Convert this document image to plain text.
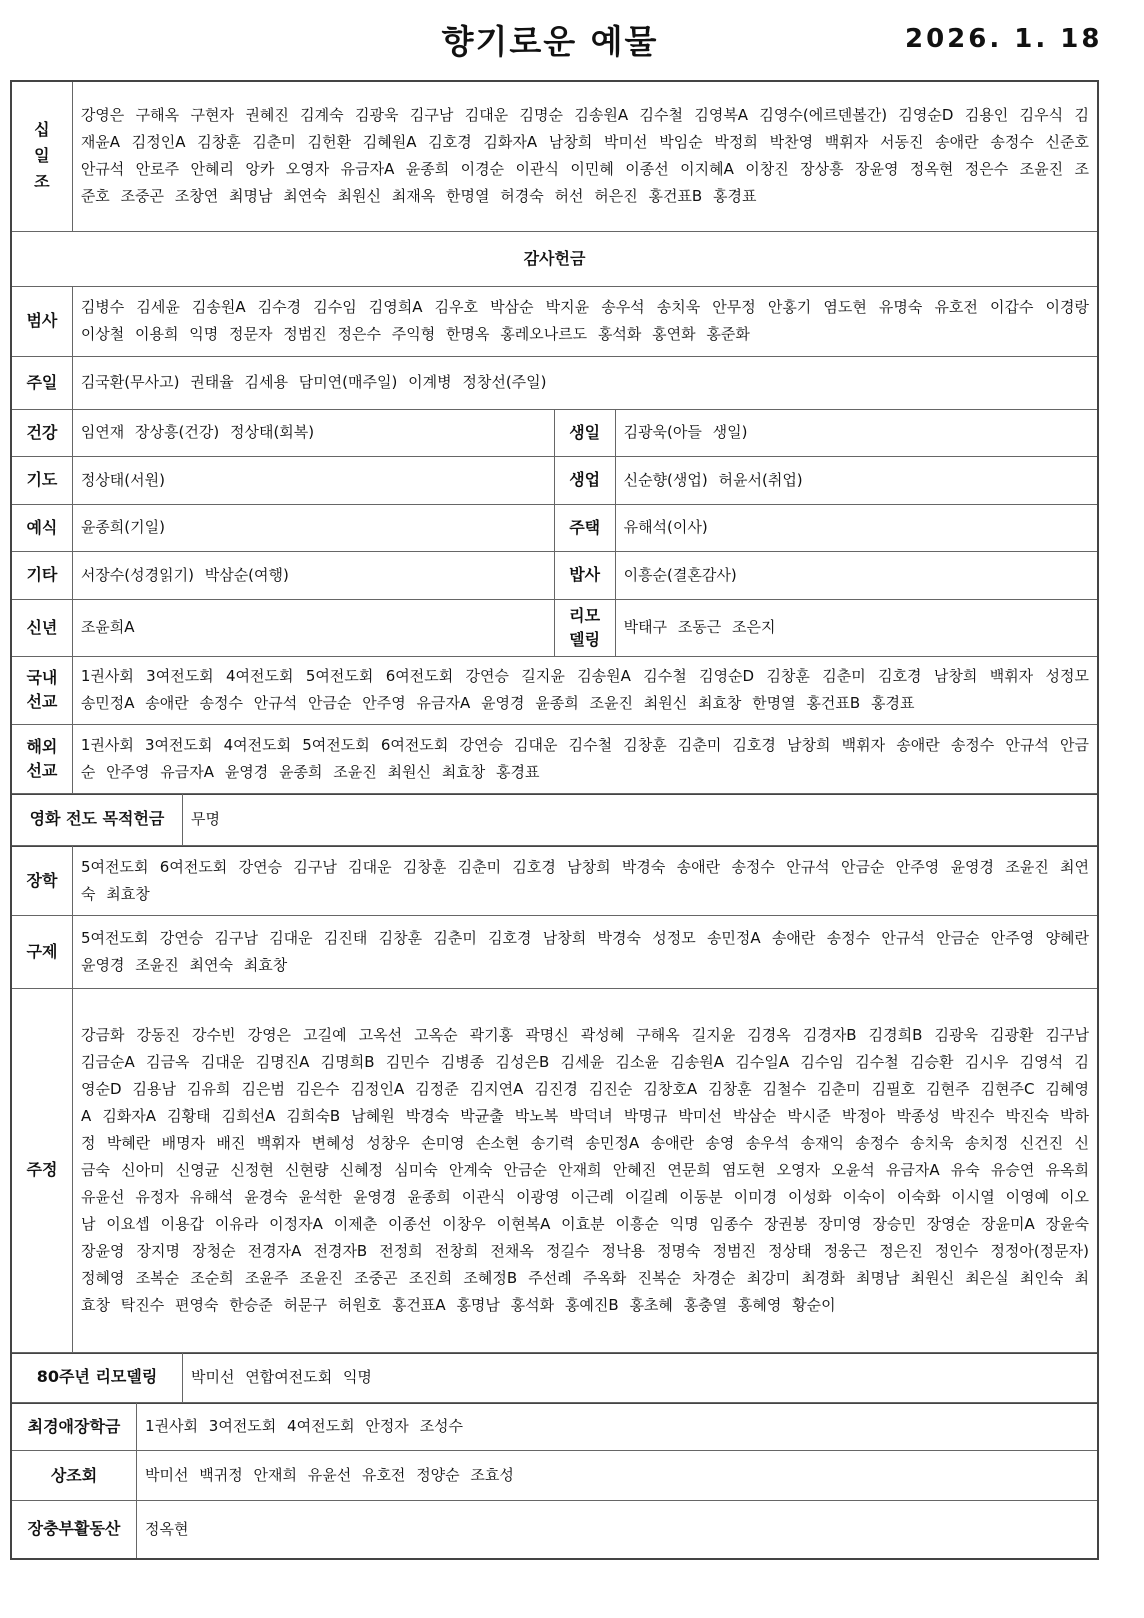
향기로운 예물	2026. 1. 18
십일조	강영은 구해옥 구현자 권혜진 김계숙 김광욱 김구남 김대운 김명순 김송원A 김수철 김영복A 김영수(에르덴볼간) 김영순D 김용인 김우식 김재윤A 김정인A 김창훈 김춘미 김헌환 김혜원A 김호경 김화자A 남창희 박미선 박임순 박정희 박찬영 백휘자 서동진 송애란 송정수 신준호 안규석 안로주 안혜리 앙카 오영자 유금자A 윤종희 이경순 이관식 이민혜 이종선 이지혜A 이창진 장상흥 장윤영 정옥현 정은수 조윤진 조준호 조중곤 조창연 최명남 최연숙 최원신 최재옥 한명열 허경숙 허선 허은진 홍건표B 홍경표		
감사헌금			
범사	김병수 김세윤 김송원A 김수경 김수임 김영희A 김우호 박삼순 박지윤 송우석 송치욱 안무정 안홍기 염도현 유명숙 유호전 이갑수 이경랑 이상철 이용희 익명 정문자 정범진 정은수 주익형 한명옥 홍레오나르도 홍석화 홍연화 홍준화		
주일	김국환(무사고) 권태율 김세용 담미연(매주일) 이계병 정창선(주일)		
건강	임연재 장상흥(건강) 정상태(회복)	생일	김광욱(아들 생일)
기도	정상태(서원)	생업	신순향(생업) 허윤서(취업)
예식	윤종희(기일)	주택	유해석(이사)
기타	서장수(성경읽기) 박삼순(여행)	밥사	이흥순(결혼감사)
신년	조윤희A	리모델링	박태구 조동근 조은지
국내선교	1권사회 3여전도회 4여전도회 5여전도회 6여전도회 강연승 길지윤 김송원A 김수철 김영순D 김창훈 김춘미 김호경 남창희 백휘자 성정모 송민정A 송애란 송정수 안규석 안금순 안주영 유금자A 윤영경 윤종희 조윤진 최원신 최효창 한명열 홍건표B 홍경표		
해외선교	1권사회 3여전도회 4여전도회 5여전도회 6여전도회 강연승 김대운 김수철 김창훈 김춘미 김호경 남창희 백휘자 송애란 송정수 안규석 안금순 안주영 유금자A 윤영경 윤종희 조윤진 최원신 최효창 홍경표		
영화 전도 목적헌금	무명
장학	5여전도회 6여전도회 강연승 김구남 김대운 김창훈 김춘미 김호경 남창희 박경숙 송애란 송정수 안규석 안금순 안주영 윤영경 조윤진 최연숙 최효창
구제	5여전도회 강연승 김구남 김대운 김진태 김창훈 김춘미 김호경 남창희 박경숙 성정모 송민정A 송애란 송정수 안규석 안금순 안주영 양혜란 윤영경 조윤진 최연숙 최효창
주정	강금화 강동진 강수빈 강영은 고길예 고옥선 고옥순 곽기홍 곽명신 곽성혜 구해옥 길지윤 김경옥 김경자B 김경희B 김광욱 김광환 김구남 김금순A 김금옥 김대운 김명진A 김명희B 김민수 김병종 김성은B 김세윤 김소윤 김송원A 김수일A 김수임 김수철 김승환 김시우 김영석 김영순D 김용남 김유희 김은범 김은수 김정인A 김정준 김지연A 김진경 김진순 김창호A 김창훈 김철수 김춘미 김필호 김현주 김현주C 김혜영A 김화자A 김황태 김희선A 김희숙B 남혜원 박경숙 박균출 박노복 박덕녀 박명규 박미선 박삼순 박시준 박정아 박종성 박진수 박진숙 박하정 박혜란 배명자 배진 백휘자 변혜성 성창우 손미영 손소현 송기력 송민정A 송애란 송영 송우석 송재익 송정수 송치욱 송치정 신건진 신금숙 신아미 신영균 신정현 신현량 신혜정 심미숙 안계숙 안금순 안재희 안혜진 연문희 염도현 오영자 오윤석 유금자A 유숙 유승연 유옥희 유윤선 유정자 유해석 윤경숙 윤석한 윤영경 윤종희 이관식 이광영 이근례 이길례 이동분 이미경 이성화 이숙이 이숙화 이시열 이영예 이오남 이요셉 이용갑 이유라 이정자A 이제춘 이종선 이창우 이현복A 이효분 이흥순 익명 임종수 장권봉 장미영 장승민 장영순 장윤미A 장윤숙 장윤영 장지명 장청순 전경자A 전경자B 전정희 전창희 전채옥 정길수 정낙용 정명숙 정범진 정상태 정웅근 정은진 정인수 정정아(정문자) 정혜영 조복순 조순희 조윤주 조윤진 조중곤 조진희 조혜정B 주선례 주옥화 진복순 차경순 최강미 최경화 최명남 최원신 최은실 최인숙 최효창 탁진수 편영숙 한승준 허문구 허원호 홍건표A 홍명남 홍석화 홍예진B 홍초혜 홍충열 홍혜영 황순이
80주년 리모델링	박미선 연합여전도회 익명
최경애장학금	1권사회 3여전도회 4여전도회 안정자 조성수
상조회	박미선 백귀정 안재희 유윤선 유호전 정양순 조효성
장충부활동산	정옥현
